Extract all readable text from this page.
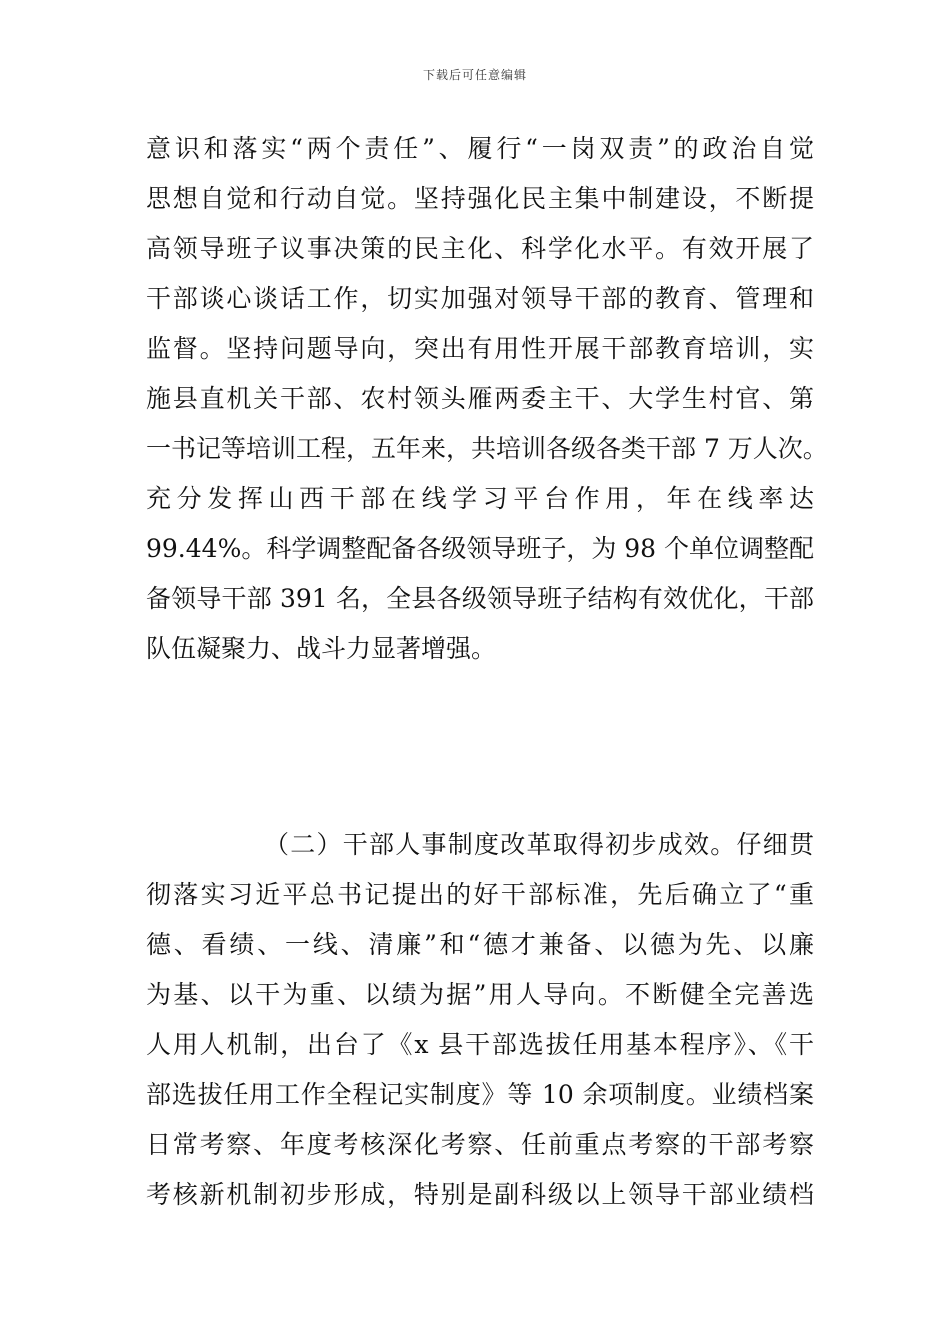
下载后可任意编辑
意识和落实“两个责任”、履行“一岗双责”的政治自觉
思想自觉和行动自觉。坚持强化民主集中制建设，不断提
高领导班子议事决策的民主化、科学化水平。有效开展了
干部谈心谈话工作，切实加强对领导干部的教育、管理和
监督。坚持问题导向，突出有用性开展干部教育培训，实
施县直机关干部、农村领头雁两委主干、大学生村官、第
一书记等培训工程，五年来，共培训各级各类干部 7 万人次。
充分发挥山西干部在线学习平台作用，年在线率达
99.44%。科学调整配备各级领导班子，为 98 个单位调整配
备领导干部 391 名，全县各级领导班子结构有效优化，干部
队伍凝聚力、战斗力显著增强。
（二）干部人事制度改革取得初步成效。仔细贯
彻落实习近平总书记提出的好干部标准，先后确立了“重
德、看绩、一线、清廉”和“德才兼备、以德为先、以廉
为基、以干为重、以绩为据”用人导向。不断健全完善选
人用人机制，出台了《x 县干部选拔任用基本程序》、《干
部选拔任用工作全程记实制度》等 10 余项制度。业绩档案
日常考察、年度考核深化考察、任前重点考察的干部考察
考核新机制初步形成，特别是副科级以上领导干部业绩档
